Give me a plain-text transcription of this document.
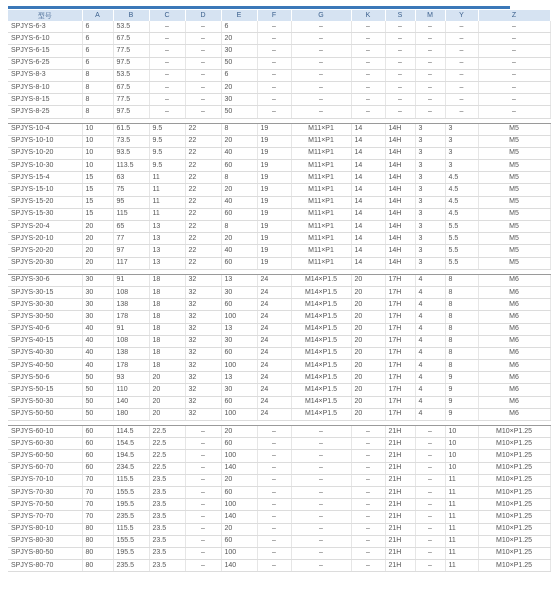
型号	A	B	C	D	E	F	G	K	S	M	Y	Z
SPJYS-6-3	6	53.5	–	–	6	–	–	–	–	–	–	–
SPJYS-6-10	6	67.5	–	–	20	–	–	–	–	–	–	–
SPJYS-6-15	6	77.5	–	–	30	–	–	–	–	–	–	–
SPJYS-6-25	6	97.5	–	–	50	–	–	–	–	–	–	–
SPJYS-8-3	8	53.5	–	–	6	–	–	–	–	–	–	–
SPJYS-8-10	8	67.5	–	–	20	–	–	–	–	–	–	–
SPJYS-8-15	8	77.5	–	–	30	–	–	–	–	–	–	–
SPJYS-8-25	8	97.5	–	–	50	–	–	–	–	–	–	–

SPJYS-10-4	10	61.5	9.5	22	8	19	M11×P1	14	14H	3	3	M5
SPJYS-10-10	10	73.5	9.5	22	20	19	M11×P1	14	14H	3	3	M5
SPJYS-10-20	10	93.5	9.5	22	40	19	M11×P1	14	14H	3	3	M5
SPJYS-10-30	10	113.5	9.5	22	60	19	M11×P1	14	14H	3	3	M5
SPJYS-15-4	15	63	11	22	8	19	M11×P1	14	14H	3	4.5	M5
SPJYS-15-10	15	75	11	22	20	19	M11×P1	14	14H	3	4.5	M5
SPJYS-15-20	15	95	11	22	40	19	M11×P1	14	14H	3	4.5	M5
SPJYS-15-30	15	115	11	22	60	19	M11×P1	14	14H	3	4.5	M5
SPJYS-20-4	20	65	13	22	8	19	M11×P1	14	14H	3	5.5	M5
SPJYS-20-10	20	77	13	22	20	19	M11×P1	14	14H	3	5.5	M5
SPJYS-20-20	20	97	13	22	40	19	M11×P1	14	14H	3	5.5	M5
SPJYS-20-30	20	117	13	22	60	19	M11×P1	14	14H	3	5.5	M5

SPJYS-30-6	30	91	18	32	13	24	M14×P1.5	20	17H	4	8	M6
SPJYS-30-15	30	108	18	32	30	24	M14×P1.5	20	17H	4	8	M6
SPJYS-30-30	30	138	18	32	60	24	M14×P1.5	20	17H	4	8	M6
SPJYS-30-50	30	178	18	32	100	24	M14×P1.5	20	17H	4	8	M6
SPJYS-40-6	40	91	18	32	13	24	M14×P1.5	20	17H	4	8	M6
SPJYS-40-15	40	108	18	32	30	24	M14×P1.5	20	17H	4	8	M6
SPJYS-40-30	40	138	18	32	60	24	M14×P1.5	20	17H	4	8	M6
SPJYS-40-50	40	178	18	32	100	24	M14×P1.5	20	17H	4	8	M6
SPJYS-50-6	50	93	20	32	13	24	M14×P1.5	20	17H	4	9	M6
SPJYS-50-15	50	110	20	32	30	24	M14×P1.5	20	17H	4	9	M6
SPJYS-50-30	50	140	20	32	60	24	M14×P1.5	20	17H	4	9	M6
SPJYS-50-50	50	180	20	32	100	24	M14×P1.5	20	17H	4	9	M6

SPJYS-60-10	60	114.5	22.5	–	20	–	–	–	21H	–	10	M10×P1.25
SPJYS-60-30	60	154.5	22.5	–	60	–	–	–	21H	–	10	M10×P1.25
SPJYS-60-50	60	194.5	22.5	–	100	–	–	–	21H	–	10	M10×P1.25
SPJYS-60-70	60	234.5	22.5	–	140	–	–	–	21H	–	10	M10×P1.25
SPJYS-70-10	70	115.5	23.5	–	20	–	–	–	21H	–	11	M10×P1.25
SPJYS-70-30	70	155.5	23.5	–	60	–	–	–	21H	–	11	M10×P1.25
SPJYS-70-50	70	195.5	23.5	–	100	–	–	–	21H	–	11	M10×P1.25
SPJYS-70-70	70	235.5	23.5	–	140	–	–	–	21H	–	11	M10×P1.25
SPJYS-80-10	80	115.5	23.5	–	20	–	–	–	21H	–	11	M10×P1.25
SPJYS-80-30	80	155.5	23.5	–	60	–	–	–	21H	–	11	M10×P1.25
SPJYS-80-50	80	195.5	23.5	–	100	–	–	–	21H	–	11	M10×P1.25
SPJYS-80-70	80	235.5	23.5	–	140	–	–	–	21H	–	11	M10×P1.25
